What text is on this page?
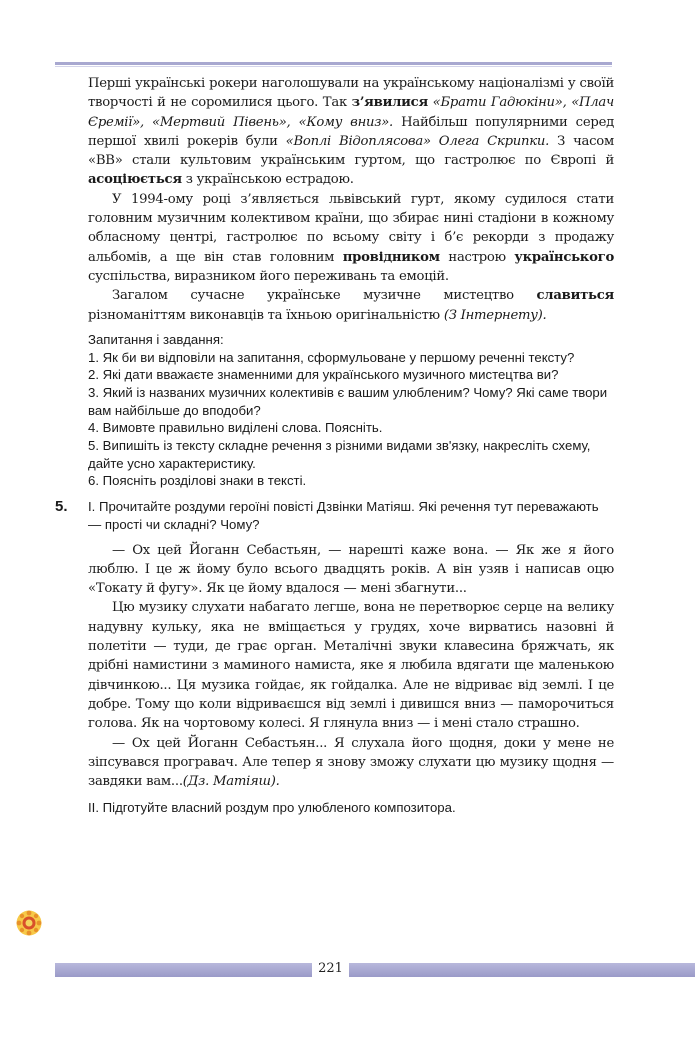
Перші українські рокери наголошували на українському націоналізмі у своїй творчості й не соромилися цього. Так з’явилися «Брати Гадюкіни», «Плач Єремії», «Мертвий Півень», «Кому вниз». Найбільш популярними серед першої хвилі рокерів були «Воплі Відоплясова» Олега Скрипки. З часом «ВВ» стали культовим українським гуртом, що гастролює по Європі й асоціюється з українською естрадою.

У 1994-ому році з’являється львівський гурт, якому судилося стати головним музичним колективом країни, що збирає нині стадіони в кожному обласному центрі, гастролює по всьому світу і б’є рекорди з продажу альбомів, а ще він став головним провідником настрою українського суспільства, виразником його переживань та емоцій.

Загалом сучасне українське музичне мистецтво славиться різноманіттям виконавців та їхньою оригінальністю (З Інтернету).

Запитання і завдання:

1. Як би ви відповіли на запитання, сформульоване у першому реченні тексту?

2. Які дати вважаєте знаменними для українського музичного мистецтва ви?

3. Який із названих музичних колективів є вашим улюбленим? Чому? Які саме твори вам найбільше до вподоби?

4. Вимовте правильно виділені слова. Поясніть.

5. Випишіть із тексту складне речення з різними видами зв'язку, накресліть схему, дайте усно характеристику.

6. Поясніть розділові знаки в тексті.

5. I. Прочитайте роздуми героїні повісті Дзвінки Матіяш. Які речення тут переважають — прості чи складні? Чому?

— Ох цей Йоганн Себастьян, — нарешті каже вона. — Як же я його люблю. І це ж йому було всього двадцять років. А він узяв і написав оцю «Токату й фугу». Як це йому вдалося — мені збагнути...

Цю музику слухати набагато легше, вона не перетворює серце на велику надувну кульку, яка не вміщається у грудях, хоче вирватись назовні й полетіти — туди, де грає орган. Металічні звуки клавесина бряжчать, як дрібні намистини з маминого намиста, яке я любила вдягати ще маленькою дівчинкою... Ця музика гойдає, як гойдалка. Але не відриває від землі. І це добре. Тому що коли відриваєшся від землі і дивишся вниз — паморочиться голова. Як на чортовому колесі. Я глянула вниз — і мені стало страшно.

— Ох цей Йоганн Себастьян... Я слухала його щодня, доки у мене не зіпсувався програвач. Але тепер я знову зможу слухати цю музику щодня — завдяки вам...(Дз. Матіяш).

II. Підготуйте власний роздум про улюбленого композитора.

221
